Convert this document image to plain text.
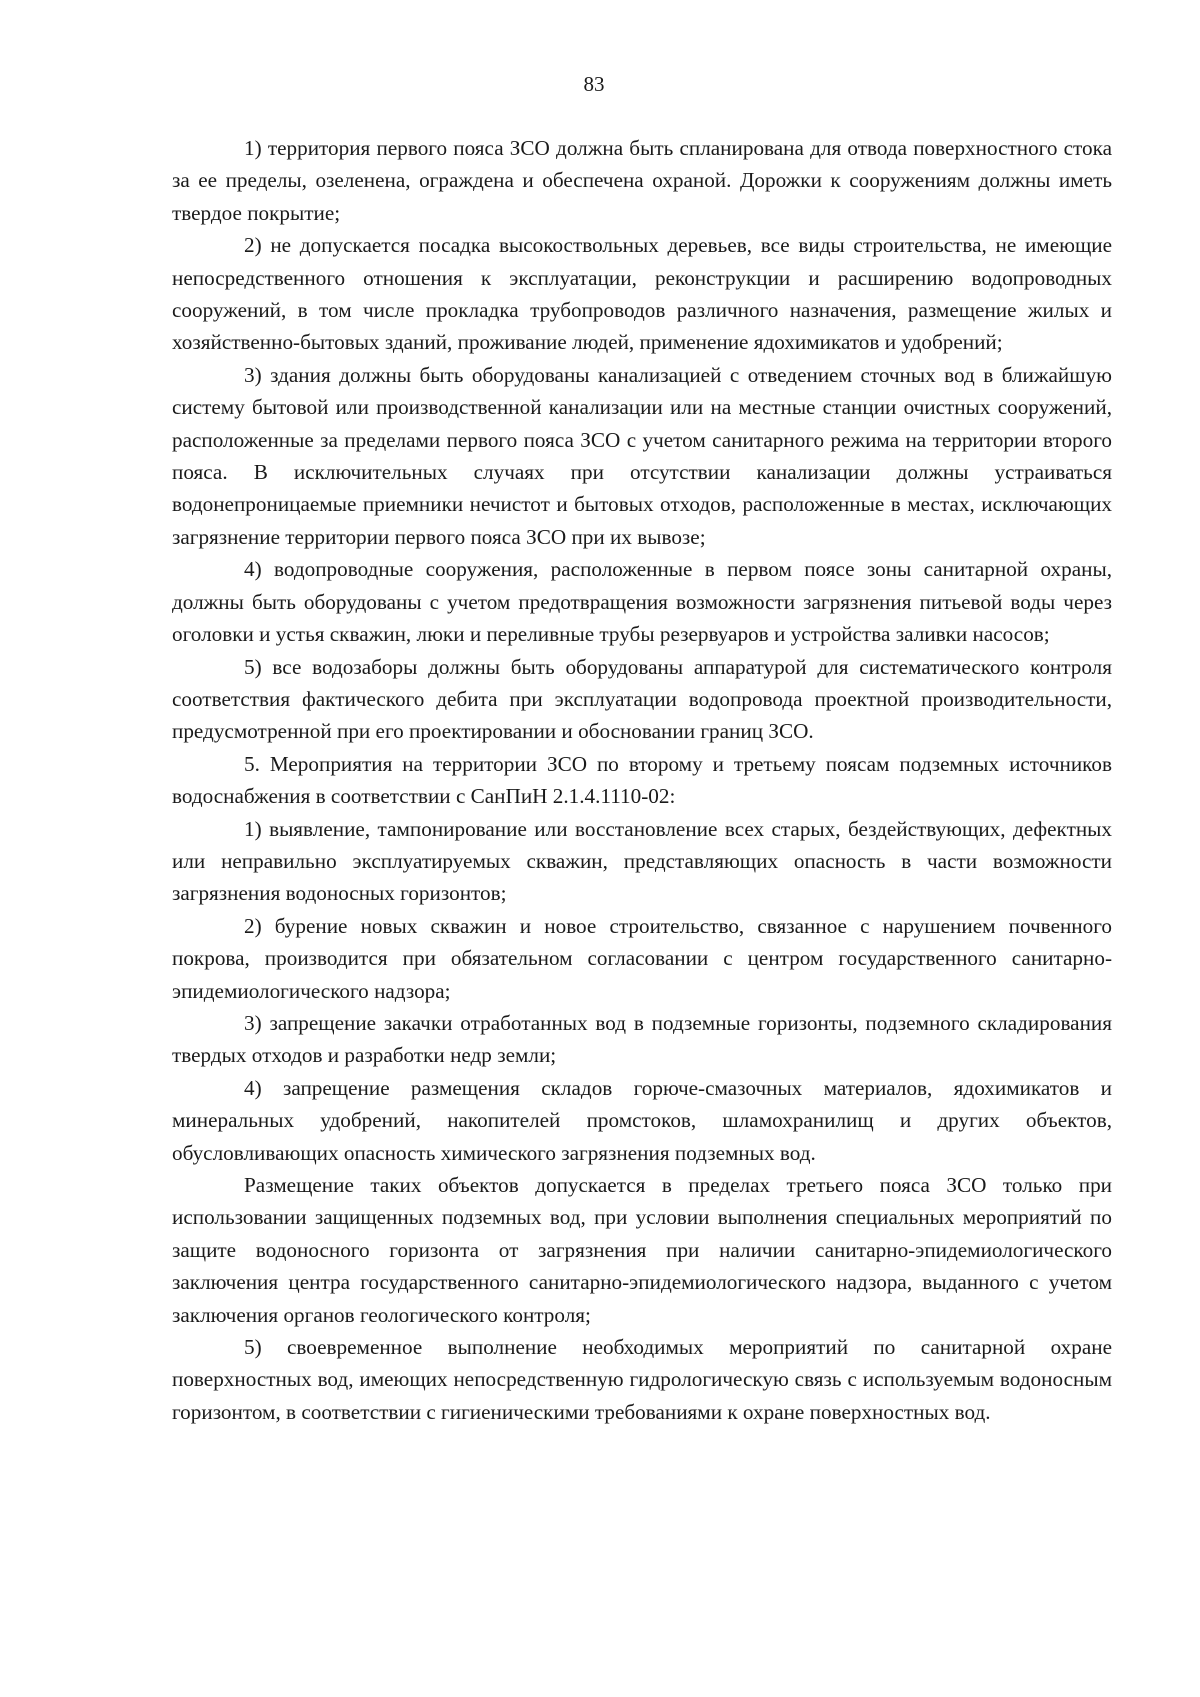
83

1) территория первого пояса ЗСО должна быть спланирована для отвода поверхностного стока за ее пределы, озеленена, ограждена и обеспечена охраной. Дорожки к сооружениям должны иметь твердое покрытие;

2) не допускается посадка высокоствольных деревьев, все виды строительства, не имеющие непосредственного отношения к эксплуатации, реконструкции и расширению водопроводных сооружений, в том числе прокладка трубопроводов различного назначения, размещение жилых и хозяйственно-бытовых зданий, проживание людей, применение ядохимикатов и удобрений;

3) здания должны быть оборудованы канализацией с отведением сточных вод в ближайшую систему бытовой или производственной канализации или на местные станции очистных сооружений, расположенные за пределами первого пояса ЗСО с учетом санитарного режима на территории второго пояса. В исключительных случаях при отсутствии канализации должны устраиваться водонепроницаемые приемники нечистот и бытовых отходов, расположенные в местах, исключающих загрязнение территории первого пояса ЗСО при их вывозе;

4) водопроводные сооружения, расположенные в первом поясе зоны санитарной охраны, должны быть оборудованы с учетом предотвращения возможности загрязнения питьевой воды через оголовки и устья скважин, люки и переливные трубы резервуаров и устройства заливки насосов;

5) все водозаборы должны быть оборудованы аппаратурой для систематического контроля соответствия фактического дебита при эксплуатации водопровода проектной производительности, предусмотренной при его проектировании и обосновании границ ЗСО.

5. Мероприятия на территории ЗСО по второму и третьему поясам подземных источников водоснабжения в соответствии с СанПиН 2.1.4.1110-02:

1) выявление, тампонирование или восстановление всех старых, бездействующих, дефектных или неправильно эксплуатируемых скважин, представляющих опасность в части возможности загрязнения водоносных горизонтов;

2) бурение новых скважин и новое строительство, связанное с нарушением почвенного покрова, производится при обязательном согласовании с центром государственного санитарно-эпидемиологического надзора;

3) запрещение закачки отработанных вод в подземные горизонты, подземного складирования твердых отходов и разработки недр земли;

4) запрещение размещения складов горюче-смазочных материалов, ядохимикатов и минеральных удобрений, накопителей промстоков, шламохранилищ и других объектов, обусловливающих опасность химического загрязнения подземных вод.

Размещение таких объектов допускается в пределах третьего пояса ЗСО только при использовании защищенных подземных вод, при условии выполнения специальных мероприятий по защите водоносного горизонта от загрязнения при наличии санитарно-эпидемиологического заключения центра государственного санитарно-эпидемиологического надзора, выданного с учетом заключения органов геологического контроля;

5) своевременное выполнение необходимых мероприятий по санитарной охране поверхностных вод, имеющих непосредственную гидрологическую связь с используемым водоносным горизонтом, в соответствии с гигиеническими требованиями к охране поверхностных вод.
